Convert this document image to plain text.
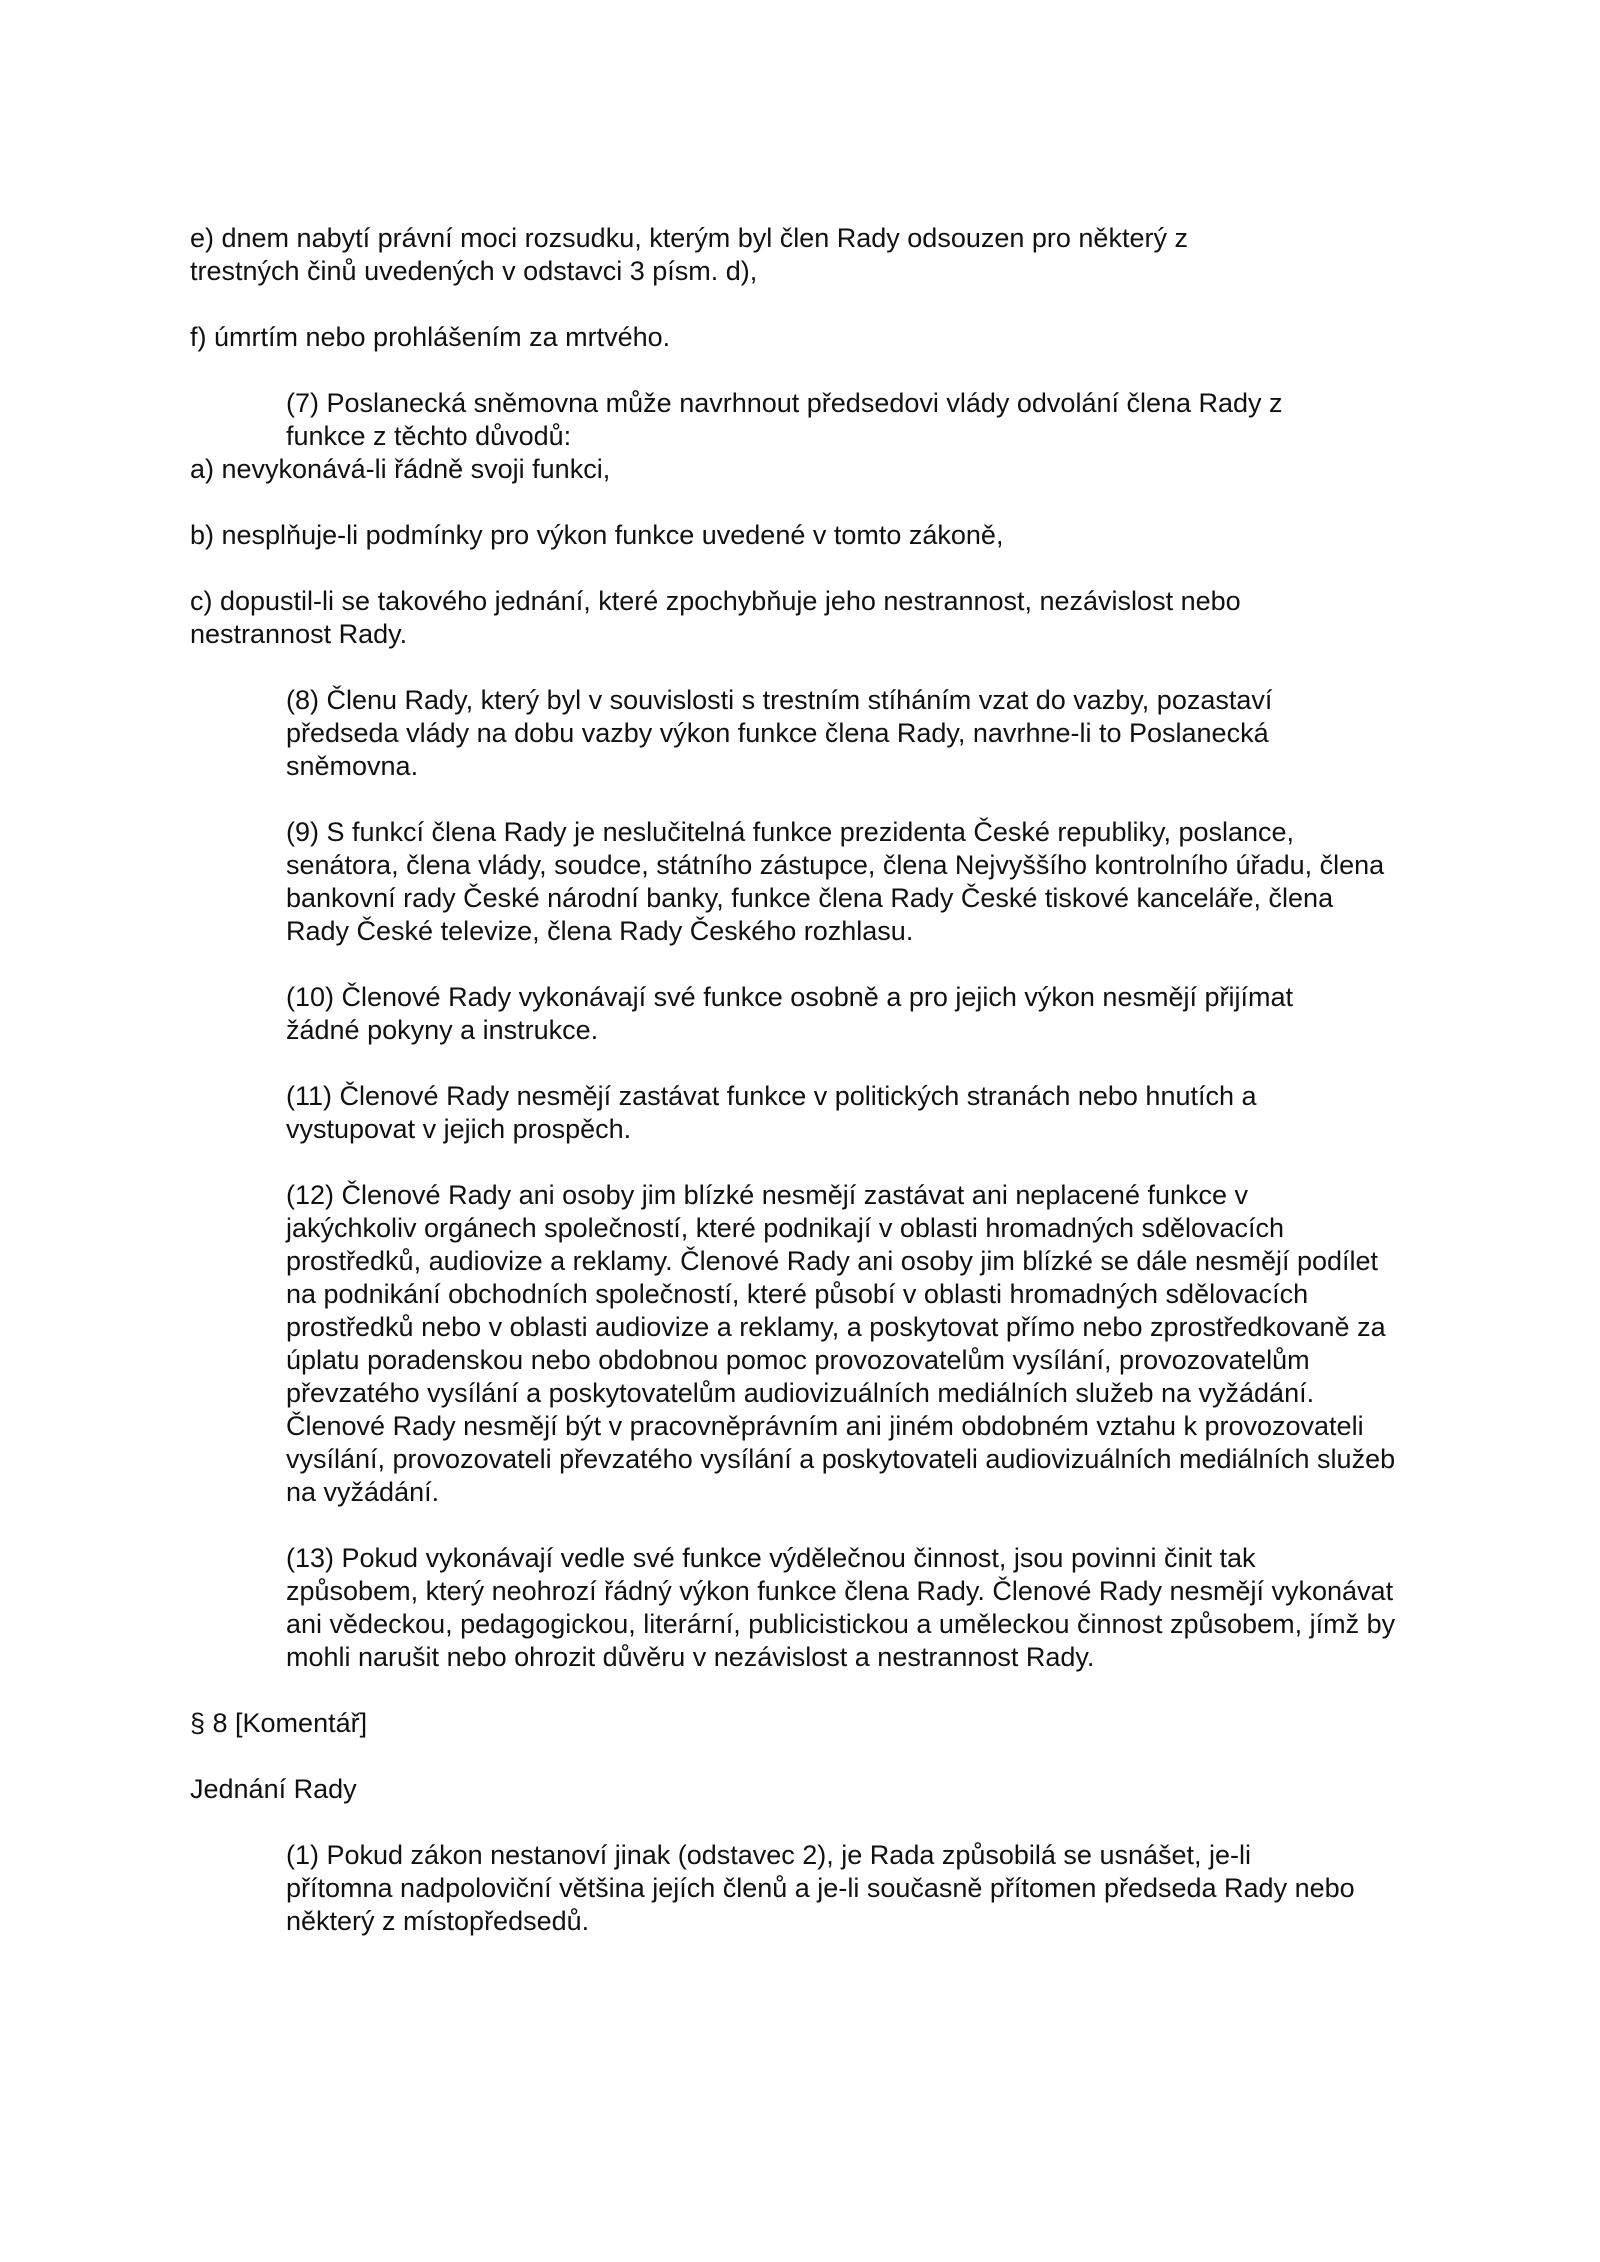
e) dnem nabytí právní moci rozsudku, kterým byl člen Rady odsouzen pro některý z
trestných činů uvedených v odstavci 3 písm. d),

f) úmrtím nebo prohlášením za mrtvého.

(7) Poslanecká sněmovna může navrhnout předsedovi vlády odvolání člena Rady z
funkce z těchto důvodů:

a) nevykonává-li řádně svoji funkci,

b) nesplňuje-li podmínky pro výkon funkce uvedené v tomto zákoně,

c) dopustil-li se takového jednání, které zpochybňuje jeho nestrannost, nezávislost nebo
nestrannost Rady.

(8) Členu Rady, který byl v souvislosti s trestním stíháním vzat do vazby, pozastaví
předseda vlády na dobu vazby výkon funkce člena Rady, navrhne-li to Poslanecká
sněmovna.

(9) S funkcí člena Rady je neslučitelná funkce prezidenta České republiky, poslance,
senátora, člena vlády, soudce, státního zástupce, člena Nejvyššího kontrolního úřadu, člena
bankovní rady České národní banky, funkce člena Rady České tiskové kanceláře, člena
Rady České televize, člena Rady Českého rozhlasu.

(10) Členové Rady vykonávají své funkce osobně a pro jejich výkon nesmějí přijímat
žádné pokyny a instrukce.

(11) Členové Rady nesmějí zastávat funkce v politických stranách nebo hnutích a
vystupovat v jejich prospěch.

(12) Členové Rady ani osoby jim blízké nesmějí zastávat ani neplacené funkce v
jakýchkoliv orgánech společností, které podnikají v oblasti hromadných sdělovacích
prostředků, audiovize a reklamy. Členové Rady ani osoby jim blízké se dále nesmějí podílet
na podnikání obchodních společností, které působí v oblasti hromadných sdělovacích
prostředků nebo v oblasti audiovize a reklamy, a poskytovat přímo nebo zprostředkovaně za
úplatu poradenskou nebo obdobnou pomoc provozovatelům vysílání, provozovatelům
převzatého vysílání a poskytovatelům audiovizuálních mediálních služeb na vyžádání.
Členové Rady nesmějí být v pracovněprávním ani jiném obdobném vztahu k provozovateli
vysílání, provozovateli převzatého vysílání a poskytovateli audiovizuálních mediálních služeb
na vyžádání.

(13) Pokud vykonávají vedle své funkce výdělečnou činnost, jsou povinni činit tak
způsobem, který neohrozí řádný výkon funkce člena Rady. Členové Rady nesmějí vykonávat
ani vědeckou, pedagogickou, literární, publicistickou a uměleckou činnost způsobem, jímž by
mohli narušit nebo ohrozit důvěru v nezávislost a nestrannost Rady.

§ 8 [Komentář]

Jednání Rady

(1) Pokud zákon nestanoví jinak (odstavec 2), je Rada způsobilá se usnášet, je-li
přítomna nadpoloviční většina jejích členů a je-li současně přítomen předseda Rady nebo
některý z místopředsedů.
